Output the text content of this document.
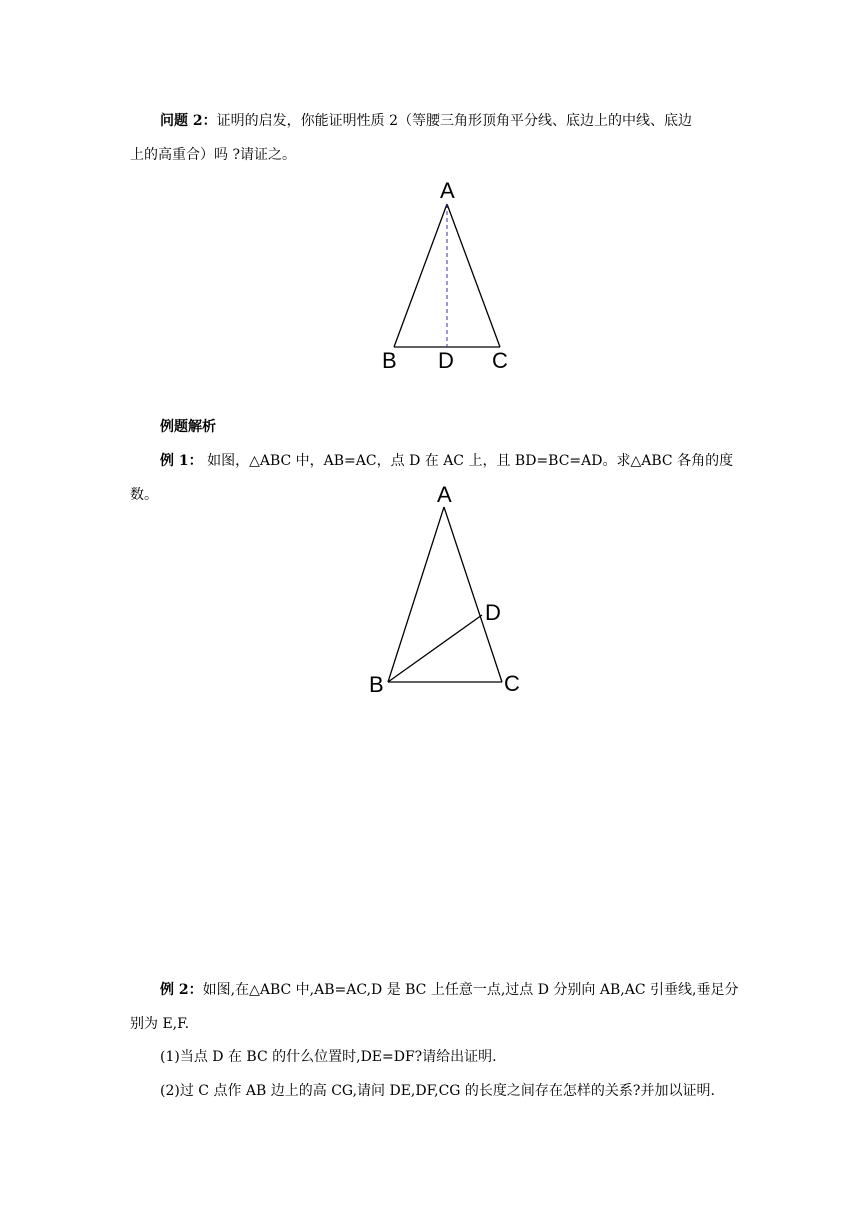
问题 2：证明的启发，你能证明性质 2（等腰三角形顶角平分线、底边上的中线、底边

上的高重合）吗 ?请证之。

A
B D C

例题解析

例 1： 如图，△ABC 中，AB=AC，点 D 在 AC 上，且 BD=BC=AD。求△ABC 各角的度数。	A
D
B	C

例 2：如图,在△ABC 中,AB=AC,D 是 BC 上任意一点,过点 D 分别向 AB,AC 引垂线,垂足分

别为 E,F.

(1)当点 D 在 BC 的什么位置时,DE=DF?请给出证明.

(2)过 C 点作 AB 边上的高 CG,请问 DE,DF,CG 的长度之间存在怎样的关系?并加以证明.
